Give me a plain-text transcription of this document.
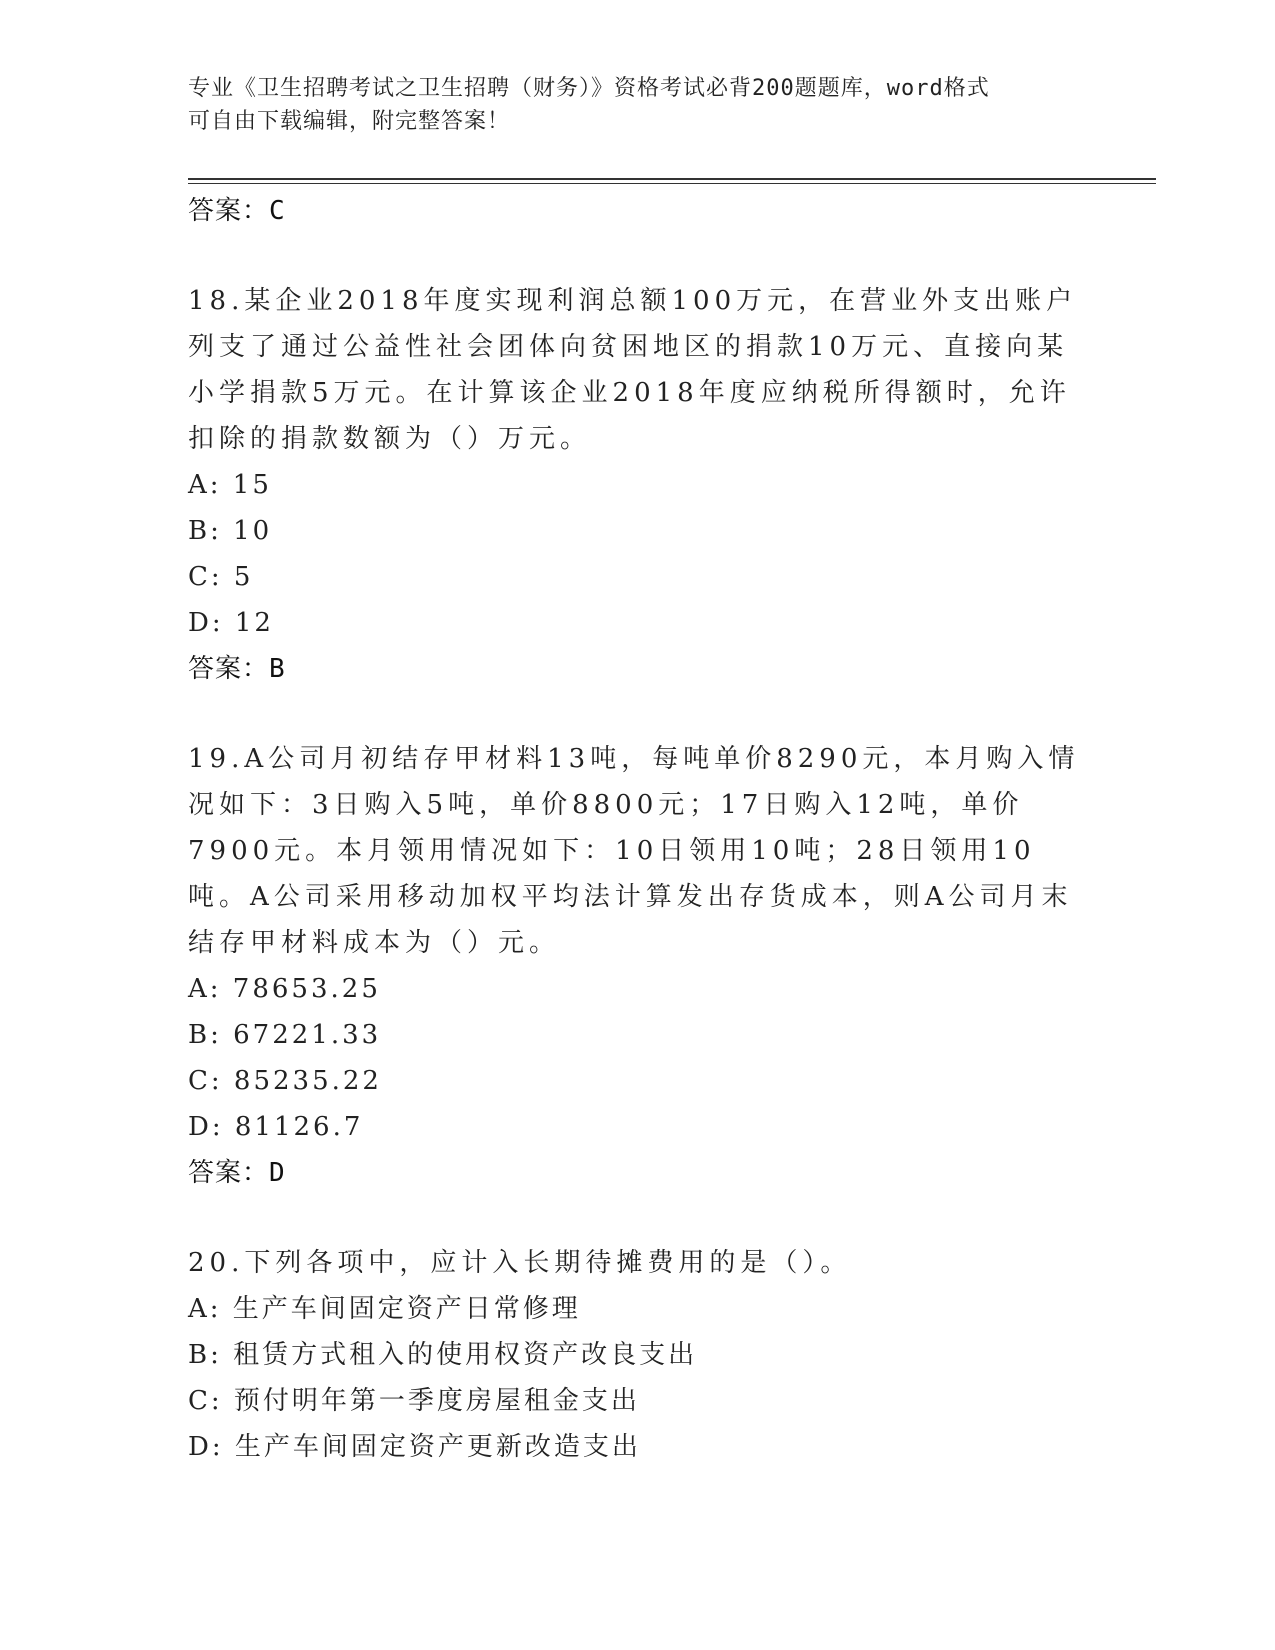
专业《卫生招聘考试之卫生招聘（财务）》资格考试必背200题题库，word格式
可自由下载编辑，附完整答案！
答案：C
18.某企业2018年度实现利润总额100万元，在营业外支出账户列支了通过公益性社会团体向贫困地区的捐款10万元、直接向某小学捐款5万元。在计算该企业2018年度应纳税所得额时，允许扣除的捐款数额为（）万元。
A: 15
B: 10
C: 5
D: 12
答案：B
19.A公司月初结存甲材料13吨，每吨单价8290元，本月购入情况如下：3日购入5吨，单价8800元；17日购入12吨，单价7900元。本月领用情况如下：10日领用10吨；28日领用10吨。A公司采用移动加权平均法计算发出存货成本，则A公司月末结存甲材料成本为（）元。
A: 78653.25
B: 67221.33
C: 85235.22
D: 81126.7
答案：D
20.下列各项中，应计入长期待摊费用的是（）。
A: 生产车间固定资产日常修理
B: 租赁方式租入的使用权资产改良支出
C: 预付明年第一季度房屋租金支出
D: 生产车间固定资产更新改造支出
